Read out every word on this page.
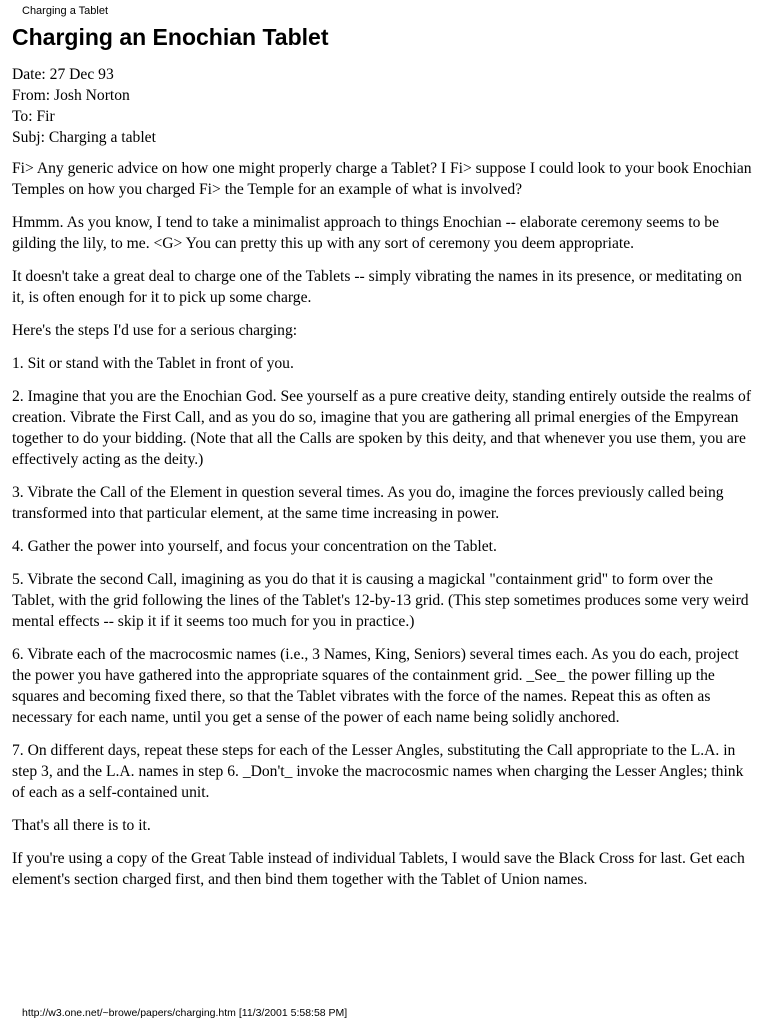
Charging a Tablet
Charging an Enochian Tablet
Date: 27 Dec 93
From: Josh Norton
To: Fir
Subj: Charging a tablet

Fi> Any generic advice on how one might properly charge a Tablet? I Fi> suppose I could look to your book Enochian Temples on how you charged Fi> the Temple for an example of what is involved?

Hmmm. As you know, I tend to take a minimalist approach to things Enochian -- elaborate ceremony seems to be gilding the lily, to me. <G> You can pretty this up with any sort of ceremony you deem appropriate.

It doesn't take a great deal to charge one of the Tablets -- simply vibrating the names in its presence, or meditating on it, is often enough for it to pick up some charge.

Here's the steps I'd use for a serious charging:

1. Sit or stand with the Tablet in front of you.

2. Imagine that you are the Enochian God. See yourself as a pure creative deity, standing entirely outside the realms of creation. Vibrate the First Call, and as you do so, imagine that you are gathering all primal energies of the Empyrean together to do your bidding. (Note that all the Calls are spoken by this deity, and that whenever you use them, you are effectively acting as the deity.)

3. Vibrate the Call of the Element in question several times. As you do, imagine the forces previously called being transformed into that particular element, at the same time increasing in power.

4. Gather the power into yourself, and focus your concentration on the Tablet.

5. Vibrate the second Call, imagining as you do that it is causing a magickal "containment grid" to form over the Tablet, with the grid following the lines of the Tablet's 12-by-13 grid. (This step sometimes produces some very weird mental effects -- skip it if it seems too much for you in practice.)

6. Vibrate each of the macrocosmic names (i.e., 3 Names, King, Seniors) several times each. As you do each, project the power you have gathered into the appropriate squares of the containment grid. _See_ the power filling up the squares and becoming fixed there, so that the Tablet vibrates with the force of the names. Repeat this as often as necessary for each name, until you get a sense of the power of each name being solidly anchored.

7. On different days, repeat these steps for each of the Lesser Angles, substituting the Call appropriate to the L.A. in step 3, and the L.A. names in step 6. _Don't_ invoke the macrocosmic names when charging the Lesser Angles; think of each as a self-contained unit.

That's all there is to it.

If you're using a copy of the Great Table instead of individual Tablets, I would save the Black Cross for last. Get each element's section charged first, and then bind them together with the Tablet of Union names.

http://w3.one.net/~browe/papers/charging.htm [11/3/2001 5:58:58 PM]
